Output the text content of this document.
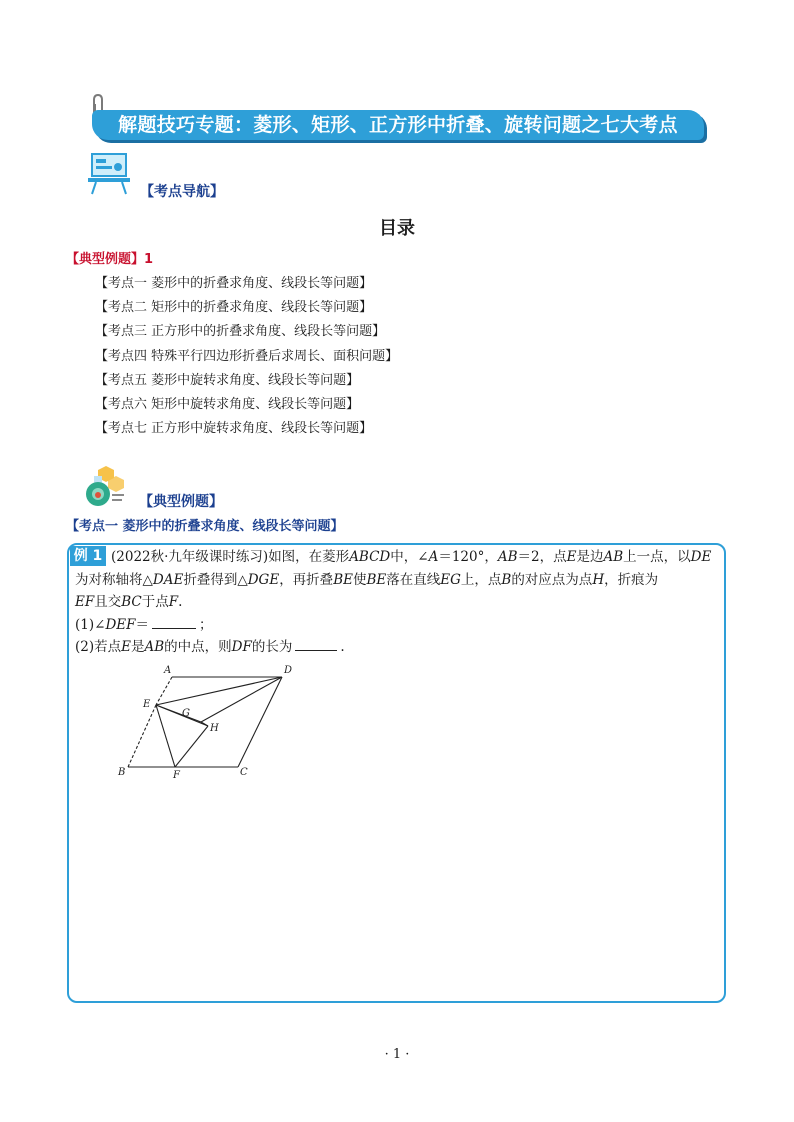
解题技巧专题：菱形、矩形、正方形中折叠、旋转问题之七大考点
【考点导航】
目录
【典型例题】1
【考点一 菱形中的折叠求角度、线段长等问题】
【考点二 矩形中的折叠求角度、线段长等问题】
【考点三 正方形中的折叠求角度、线段长等问题】
【考点四 特殊平行四边形折叠后求周长、面积问题】
【考点五 菱形中旋转求角度、线段长等问题】
【考点六 矩形中旋转求角度、线段长等问题】
【考点七 正方形中旋转求角度、线段长等问题】
【典型例题】
【考点一 菱形中的折叠求角度、线段长等问题】
例 1 (2022秋·九年级课时练习)如图，在菱形ABCD中，∠A＝120°，AB＝2，点E是边AB上一点，以DE
为对称轴将△DAE折叠得到△DGE，再折叠BE使BE落在直线EG上，点B的对应点为点H，折痕为
EF且交BC于点F.
(1)∠DEF＝	；
(2)若点E是AB的中点，则DF的长为	.
A	D
E
G
H
B	F	C
· 1 ·
